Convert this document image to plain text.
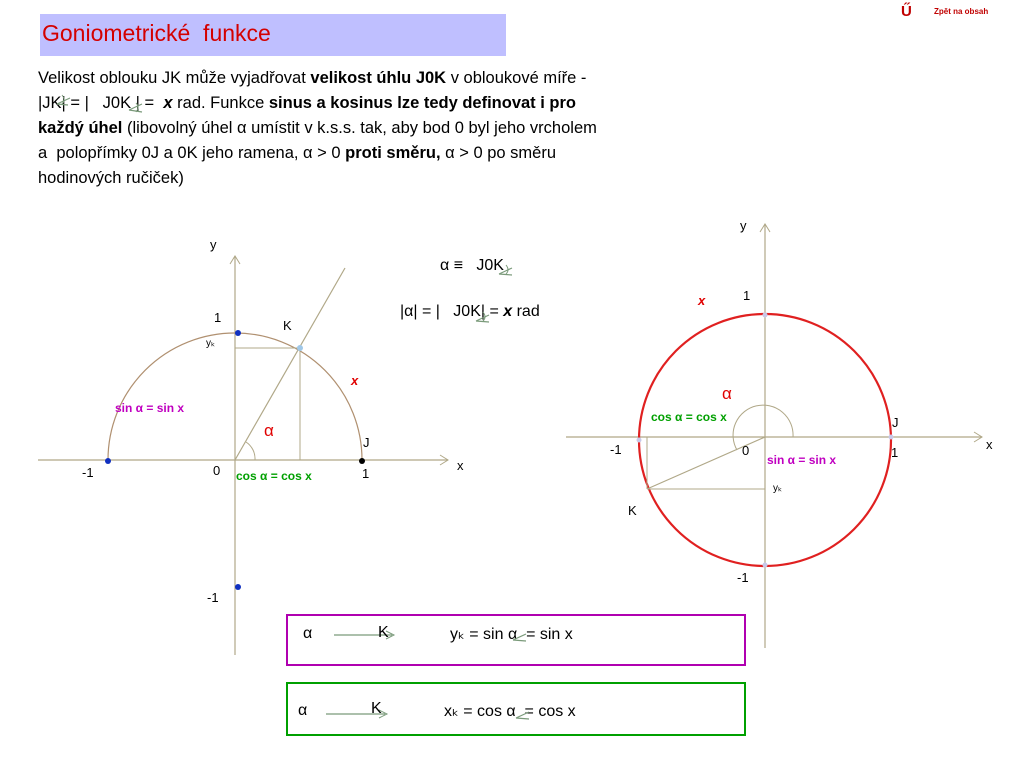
Goniometrické  funkce
Ű	Zpět na obsah
Velikost oblouku JK může vyjadřovat velikost úhlu J0K v obloukové míře -
|JK| = |   J0K | =  x rad. Funkce sinus a kosinus lze tedy definovat i pro
každý úhel (libovolný úhel α umístit v k.s.s. tak, aby bod 0 byl jeho vrcholem
a  polopřímky 0J a 0K jeho ramena, α > 0 proti směru, α > 0 po směru
hodinových ručiček)
y
x
1
-1
-1	1
0
K
J
yₖ
x
α
sin α = sin x
cos α = cos x
α ≡   J0K
|α| = |   J0K| = x rad
y
x
1
-1
-1	1
0
K
J
yₖ
x
α
cos α = cos x
sin α = sin x
α	K	yₖ = sin α  = sin x
α	K	xₖ = cos α  = cos x
